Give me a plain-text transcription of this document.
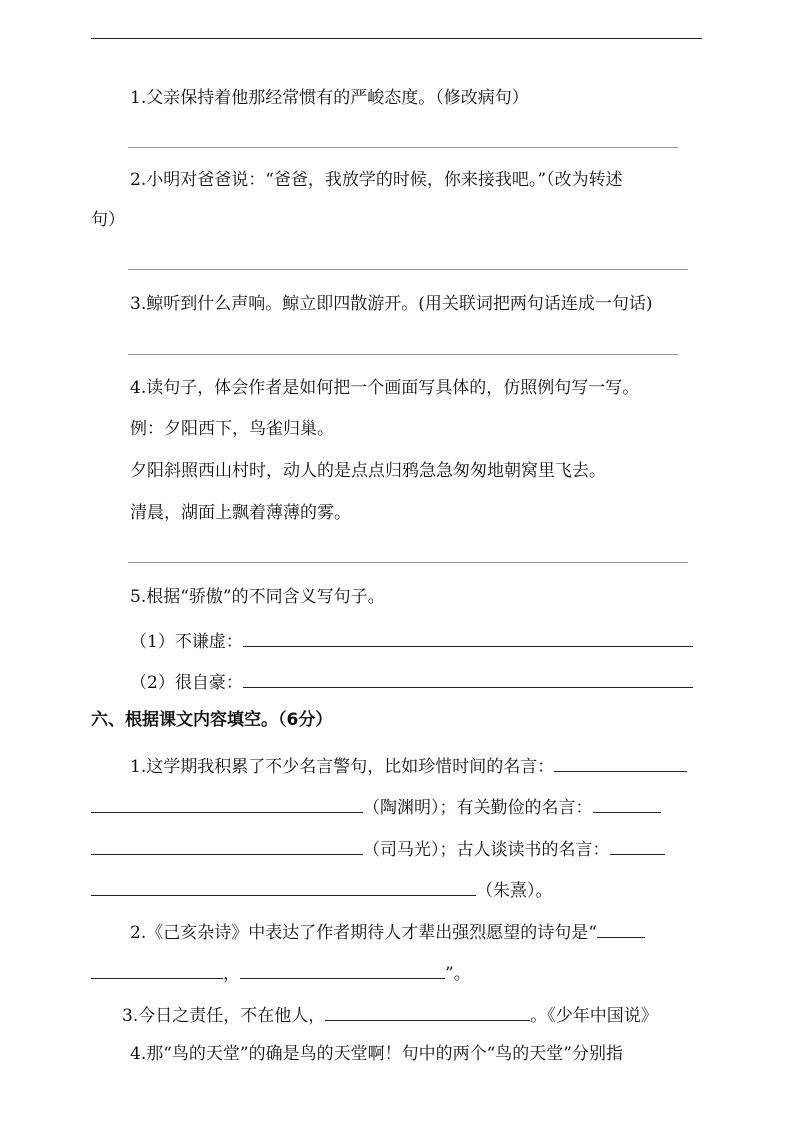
1.父亲保持着他那经常惯有的严峻态度。（修改病句）
2.小明对爸爸说：“爸爸，我放学的时候，你来接我吧。”（改为转述
句）
3.鲸听到什么声响。鲸立即四散游开。(用关联词把两句话连成一句话)
4.读句子，体会作者是如何把一个画面写具体的，仿照例句写一写。
例：夕阳西下，鸟雀归巢。
夕阳斜照西山村时，动人的是点点归鸦急急匆匆地朝窝里飞去。
清晨，湖面上飘着薄薄的雾。
5.根据“骄傲”的不同含义写句子。
（1）不谦虚：
（2）很自豪：
六、根据课文内容填空。（6分）
1.这学期我积累了不少名言警句，比如珍惜时间的名言：
（陶渊明）；有关勤俭的名言：
（司马光）；古人谈读书的名言：
（朱熹）。
2.《己亥杂诗》中表达了作者期待人才辈出强烈愿望的诗句是“
，	”。
3.今日之责任，不在他人，	。《少年中国说》
4.那“鸟的天堂”的确是鸟的天堂啊！句中的两个“鸟的天堂”分别指
